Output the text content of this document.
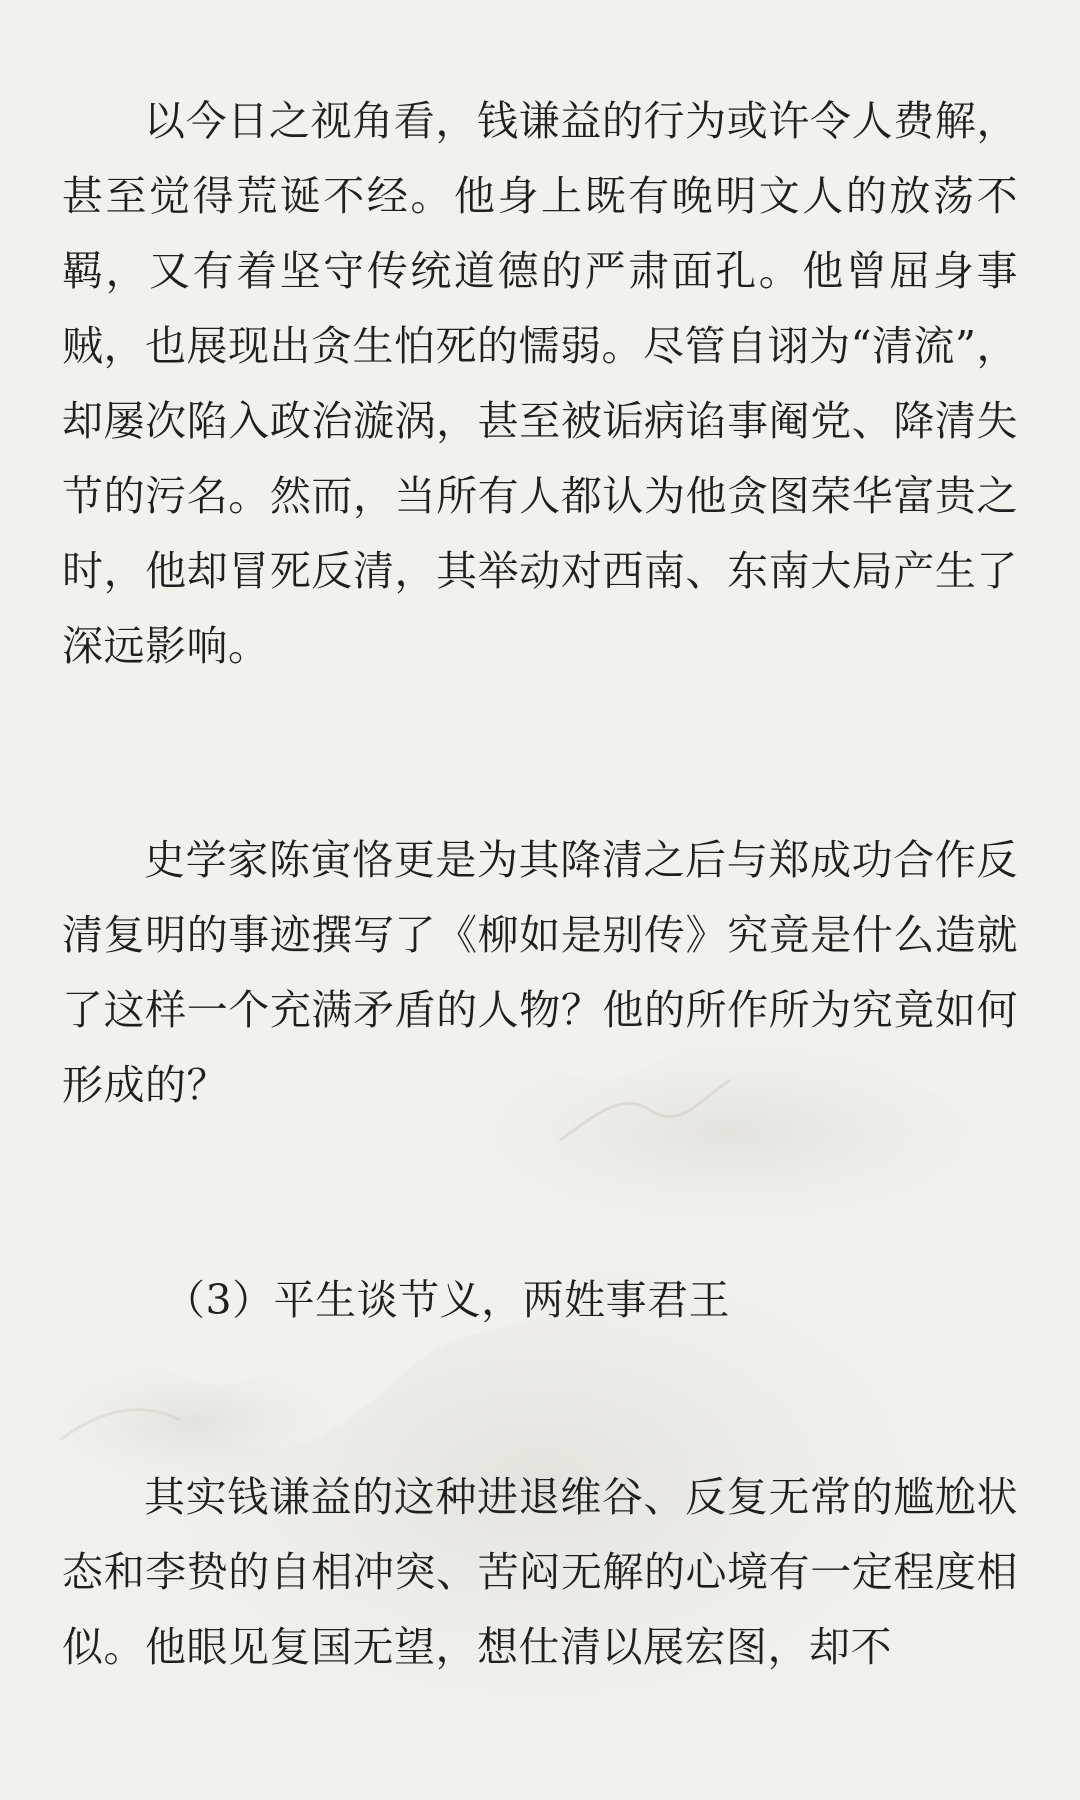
以今日之视角看，钱谦益的行为或许令人费解，甚至觉得荒诞不经。他身上既有晚明文人的放荡不羁，又有着坚守传统道德的严肃面孔。他曾屈身事贼，也展现出贪生怕死的懦弱。尽管自诩为“清流”，却屡次陷入政治漩涡，甚至被诟病谄事阉党、降清失节的污名。然而，当所有人都认为他贪图荣华富贵之时，他却冒死反清，其举动对西南、东南大局产生了深远影响。

史学家陈寅恪更是为其降清之后与郑成功合作反清复明的事迹撰写了《柳如是别传》究竟是什么造就了这样一个充满矛盾的人物？他的所作所为究竟如何形成的？

（3）平生谈节义，两姓事君王

其实钱谦益的这种进退维谷、反复无常的尴尬状态和李贽的自相冲突、苦闷无解的心境有一定程度相似。他眼见复国无望，想仕清以展宏图，却不
